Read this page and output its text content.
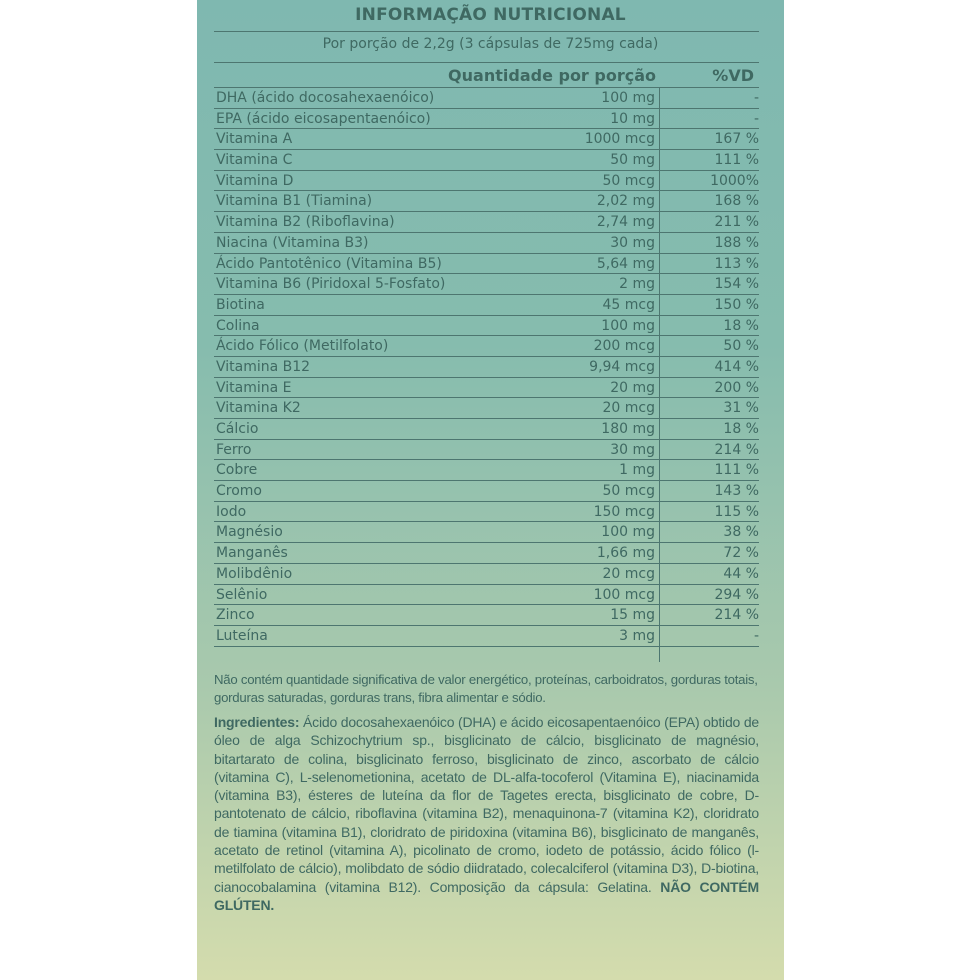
INFORMAÇÃO NUTRICIONAL
Por porção de 2,2g (3 cápsulas de 725mg cada)
Quantidade por porção	%VD
DHA (ácido docosahexaenóico)	100 mg	-
EPA (ácido eicosapentaenóico)	10 mg	-
Vitamina A	1000 mcg	167 %
Vitamina C	50 mg	111 %
Vitamina D	50 mcg	1000%
Vitamina B1 (Tiamina)	2,02 mg	168 %
Vitamina B2 (Riboflavina)	2,74 mg	211 %
Niacina (Vitamina B3)	30 mg	188 %
Ácido Pantotênico (Vitamina B5)	5,64 mg	113 %
Vitamina B6 (Piridoxal 5-Fosfato)	2 mg	154 %
Biotina	45 mcg	150 %
Colina	100 mg	18 %
Ácido Fólico (Metilfolato)	200 mcg	50 %
Vitamina B12	9,94 mcg	414 %
Vitamina E	20 mg	200 %
Vitamina K2	20 mcg	31 %
Cálcio	180 mg	18 %
Ferro	30 mg	214 %
Cobre	1 mg	111 %
Cromo	50 mcg	143 %
Iodo	150 mcg	115 %
Magnésio	100 mg	38 %
Manganês	1,66 mg	72 %
Molibdênio	20 mcg	44 %
Selênio	100 mcg	294 %
Zinco	15 mg	214 %
Luteína	3 mg	-
Não contém quantidade significativa de valor energético, proteínas, carboidratos, gorduras totais, gorduras saturadas, gorduras trans, fibra alimentar e sódio.
Ingredientes: Ácido docosahexaenóico (DHA) e ácido eicosapentaenóico (EPA) obtido de óleo de alga Schizochytrium sp., bisglicinato de cálcio, bisglicinato de magnésio, bitartarato de colina, bisglicinato ferroso, bisglicinato de zinco, ascorbato de cálcio (vitamina C), L-selenometionina, acetato de DL-alfa-tocoferol (Vitamina E), niacinamida (vitamina B3), ésteres de luteína da flor de Tagetes erecta, bisglicinato de cobre, D-pantotenato de cálcio, riboflavina (vitamina B2), menaquinona-7 (vitamina K2), cloridrato de tiamina (vitamina B1), cloridrato de piridoxina (vitamina B6), bisglicinato de manganês, acetato de retinol (vitamina A), picolinato de cromo, iodeto de potássio, ácido fólico (l-metilfolato de cálcio), molibdato de sódio diidratado, colecalciferol (vitamina D3), D-biotina, cianocobalamina (vitamina B12). Composição da cápsula: Gelatina. NÃO CONTÉM GLÚTEN.
